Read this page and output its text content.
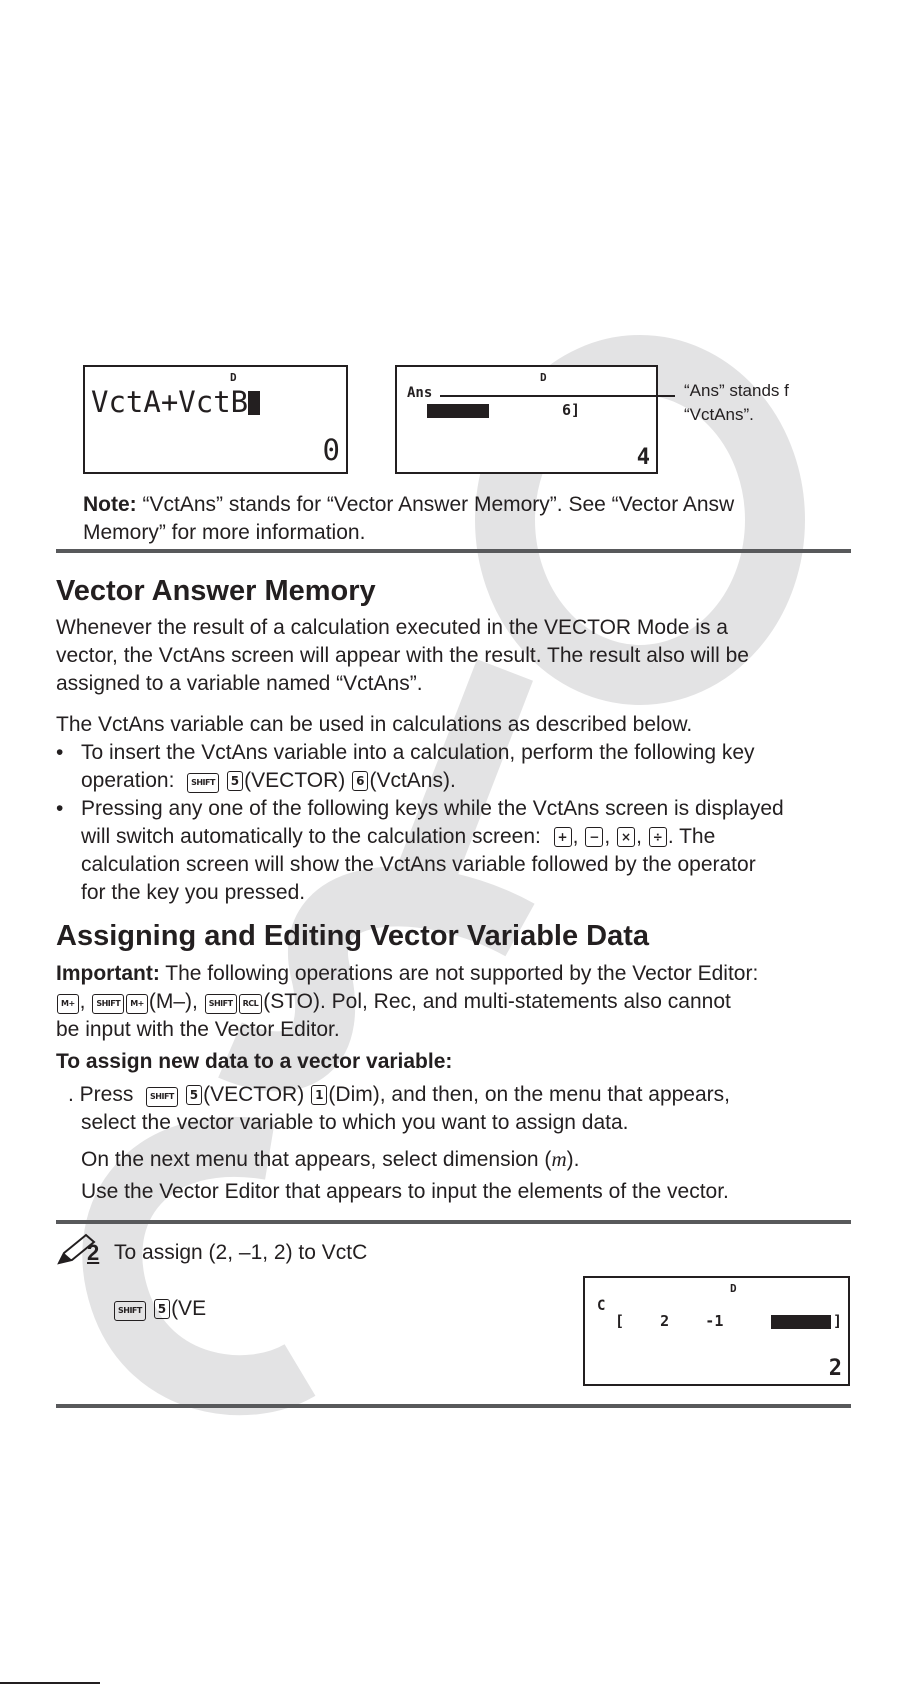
D
VctA+VctB
0
D
Ans
6]
4
“Ans” stands f
“VctAns”.
Note: “VctAns” stands for “Vector Answer Memory”. See “Vector Answ
Memory” for more information.
Vector Answer Memory
Whenever the result of a calculation executed in the VECTOR Mode is a
vector, the VctAns screen will appear with the result. The result also will be
assigned to a variable named “VctAns”.
The VctAns variable can be used in calculations as described below.
• To insert the VctAns variable into a calculation, perform the following key
operation: SHIFT 5 (VECTOR) 6 (VctAns).
• Pressing any one of the following keys while the VctAns screen is displayed
will switch automatically to the calculation screen: + , − , × , ÷ . The
calculation screen will show the VctAns variable followed by the operator
for the key you pressed.
Assigning and Editing Vector Variable Data
Important: The following operations are not supported by the Vector Editor:
M+ , SHIFT M+ (M–), SHIFT RCL (STO). Pol, Rec, and multi-statements also cannot
be input with the Vector Editor.
To assign new data to a vector variable:
. Press SHIFT 5 (VECTOR) 1 (Dim), and then, on the menu that appears,
select the vector variable to which you want to assign data.
On the next menu that appears, select dimension (m).
Use the Vector Editor that appears to input the elements of the vector.
2 To assign (2, –1, 2) to VctC
SHIFT 5 (VE
D
C
[    2    -1	]
2
